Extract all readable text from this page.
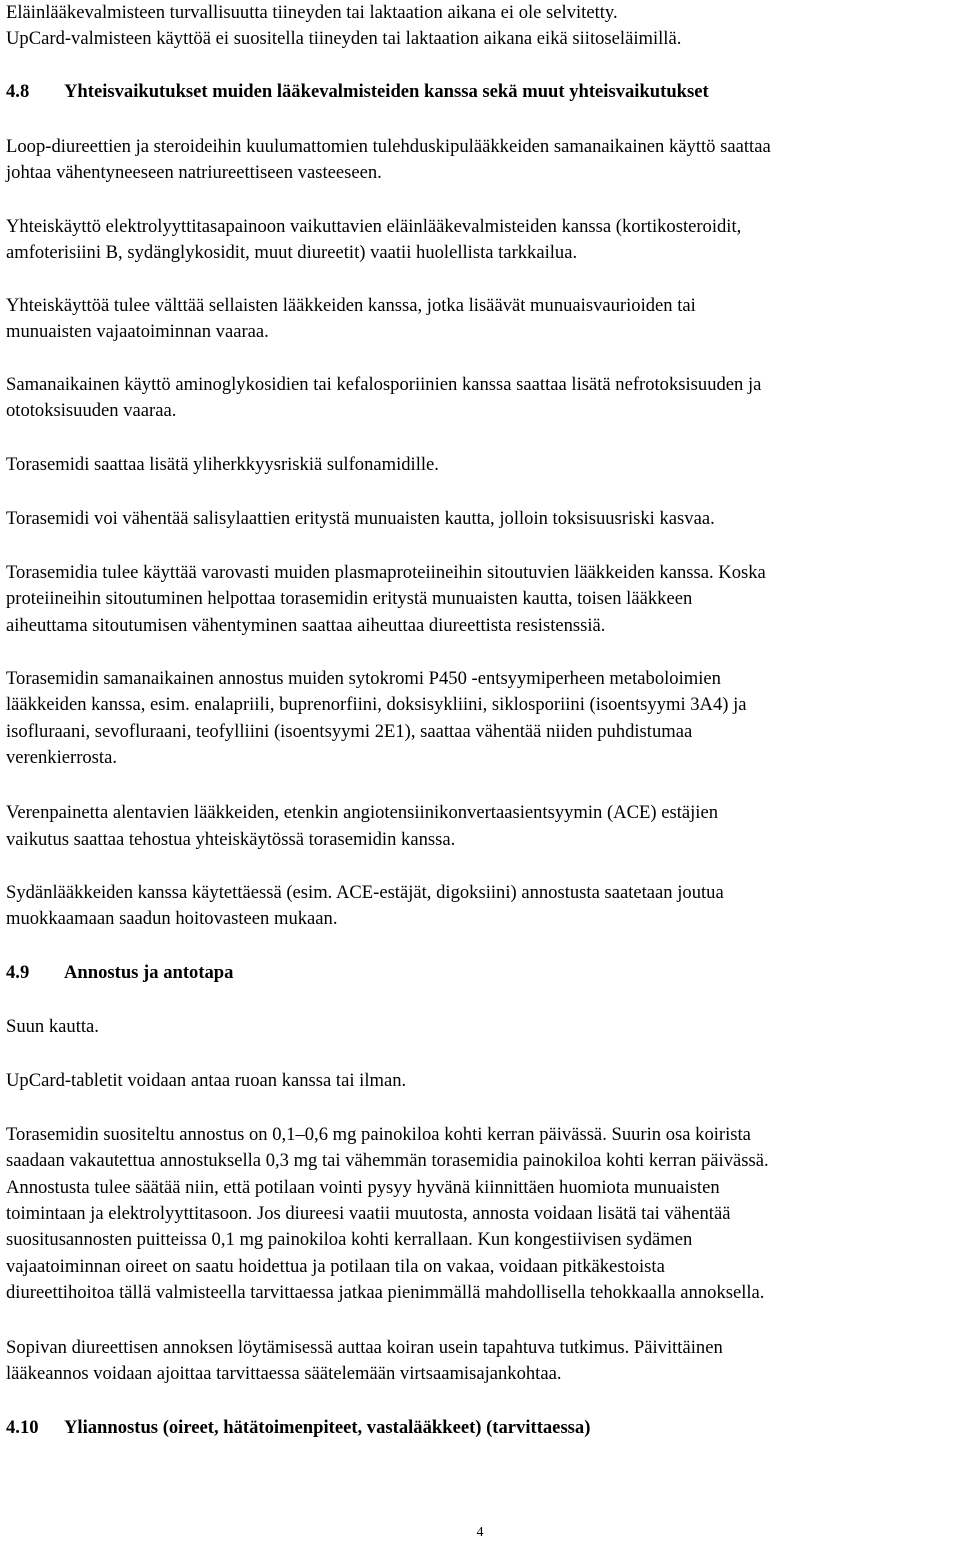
Eläinlääkevalmisteen turvallisuutta tiineyden tai laktaation aikana ei ole selvitetty.
UpCard-valmisteen käyttöä ei suositella tiineyden tai laktaation aikana eikä siitoseläimillä.
4.8 Yhteisvaikutukset muiden lääkevalmisteiden kanssa sekä muut yhteisvaikutukset
Loop-diureettien ja steroideihin kuulumattomien tulehduskipulääkkeiden samanaikainen käyttö saattaa
johtaa vähentyneeseen natriureettiseen vasteeseen.
Yhteiskäyttö elektrolyyttitasapainoon vaikuttavien eläinlääkevalmisteiden kanssa (kortikosteroidit,
amfoterisiini B, sydänglykosidit, muut diureetit) vaatii huolellista tarkkailua.
Yhteiskäyttöä tulee välttää sellaisten lääkkeiden kanssa, jotka lisäävät munuaisvaurioiden tai
munuaisten vajaatoiminnan vaaraa.
Samanaikainen käyttö aminoglykosidien tai kefalosporiinien kanssa saattaa lisätä nefrotoksisuuden ja
ototoksisuuden vaaraa.
Torasemidi saattaa lisätä yliherkkyysriskiä sulfonamidille.
Torasemidi voi vähentää salisylaattien eritystä munuaisten kautta, jolloin toksisuusriski kasvaa.
Torasemidia tulee käyttää varovasti muiden plasmaproteiineihin sitoutuvien lääkkeiden kanssa. Koska
proteiineihin sitoutuminen helpottaa torasemidin eritystä munuaisten kautta, toisen lääkkeen
aiheuttama sitoutumisen vähentyminen saattaa aiheuttaa diureettista resistenssiä.
Torasemidin samanaikainen annostus muiden sytokromi P450 -entsyymiperheen metaboloimien
lääkkeiden kanssa, esim. enalapriili, buprenorfiini, doksisykliini, siklosporiini (isoentsyymi 3A4) ja
isofluraani, sevofluraani, teofylliini (isoentsyymi 2E1), saattaa vähentää niiden puhdistumaa
verenkierrosta.
Verenpainetta alentavien lääkkeiden, etenkin angiotensiinikonvertaasientsyymin (ACE) estäjien
vaikutus saattaa tehostua yhteiskäytössä torasemidin kanssa.
Sydänlääkkeiden kanssa käytettäessä (esim. ACE-estäjät, digoksiini) annostusta saatetaan joutua
muokkaamaan saadun hoitovasteen mukaan.
4.9 Annostus ja antotapa
Suun kautta.
UpCard-tabletit voidaan antaa ruoan kanssa tai ilman.
Torasemidin suositeltu annostus on 0,1–0,6 mg painokiloa kohti kerran päivässä. Suurin osa koirista
saadaan vakautettua annostuksella 0,3 mg tai vähemmän torasemidia painokiloa kohti kerran päivässä.
Annostusta tulee säätää niin, että potilaan vointi pysyy hyvänä kiinnittäen huomiota munuaisten
toimintaan ja elektrolyyttitasoon. Jos diureesi vaatii muutosta, annosta voidaan lisätä tai vähentää
suositusannosten puitteissa 0,1 mg painokiloa kohti kerrallaan. Kun kongestiivisen sydämen
vajaatoiminnan oireet on saatu hoidettua ja potilaan tila on vakaa, voidaan pitkäkestoista
diureettihoitoa tällä valmisteella tarvittaessa jatkaa pienimmällä mahdollisella tehokkaalla annoksella.
Sopivan diureettisen annoksen löytämisessä auttaa koiran usein tapahtuva tutkimus. Päivittäinen
lääkeannos voidaan ajoittaa tarvittaessa säätelemään virtsaamisajankohtaa.
4.10 Yliannostus (oireet, hätätoimenpiteet, vastalääkkeet) (tarvittaessa)
4
